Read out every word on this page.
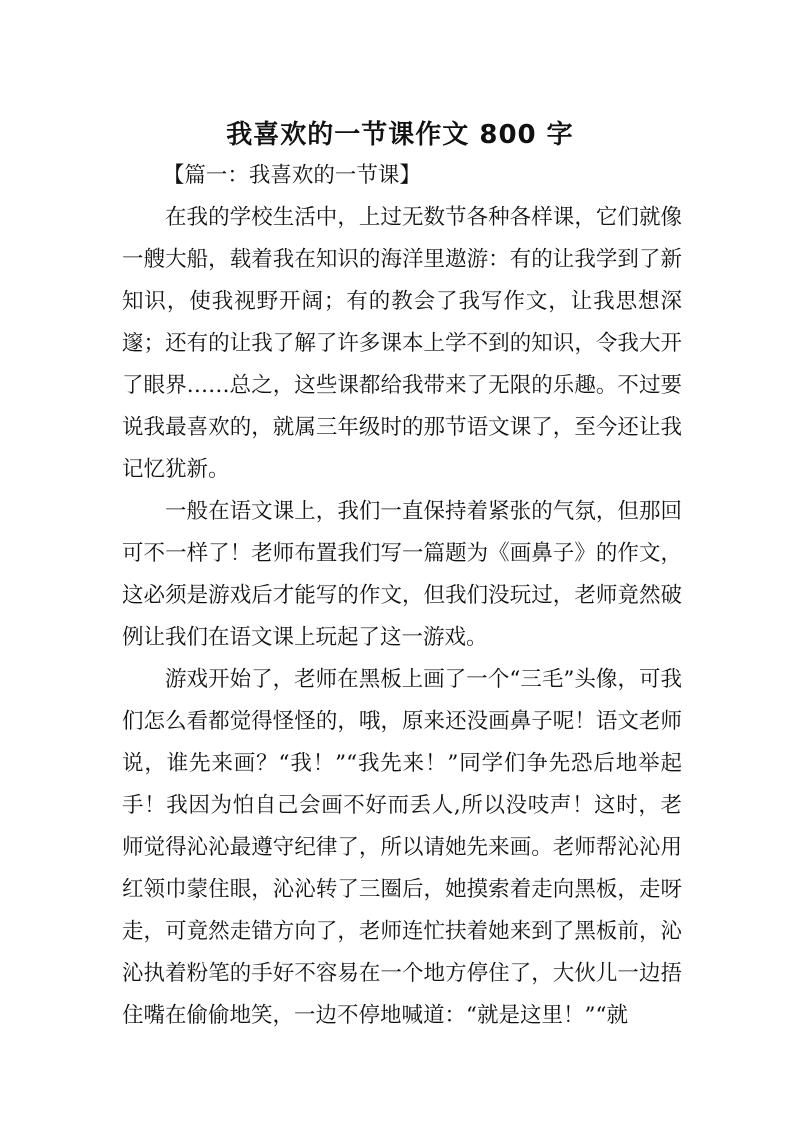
我喜欢的一节课作文 800 字

【篇一：我喜欢的一节课】

在我的学校生活中，上过无数节各种各样课，它们就像一艘大船，载着我在知识的海洋里遨游：有的让我学到了新知识，使我视野开阔；有的教会了我写作文，让我思想深邃；还有的让我了解了许多课本上学不到的知识，令我大开了眼界……总之，这些课都给我带来了无限的乐趣。不过要说我最喜欢的，就属三年级时的那节语文课了，至今还让我记忆犹新。

一般在语文课上，我们一直保持着紧张的气氛，但那回可不一样了！老师布置我们写一篇题为《画鼻子》的作文，这必须是游戏后才能写的作文，但我们没玩过，老师竟然破例让我们在语文课上玩起了这一游戏。

游戏开始了，老师在黑板上画了一个“三毛”头像，可我们怎么看都觉得怪怪的，哦，原来还没画鼻子呢！语文老师说，谁先来画？“我！”“我先来！”同学们争先恐后地举起手！我因为怕自己会画不好而丢人,所以没吱声！这时，老师觉得沁沁最遵守纪律了，所以请她先来画。老师帮沁沁用红领巾蒙住眼，沁沁转了三圈后，她摸索着走向黑板，走呀走，可竟然走错方向了，老师连忙扶着她来到了黑板前，沁沁执着粉笔的手好不容易在一个地方停住了，大伙儿一边捂住嘴在偷偷地笑，一边不停地喊道：“就是这里！”“就
